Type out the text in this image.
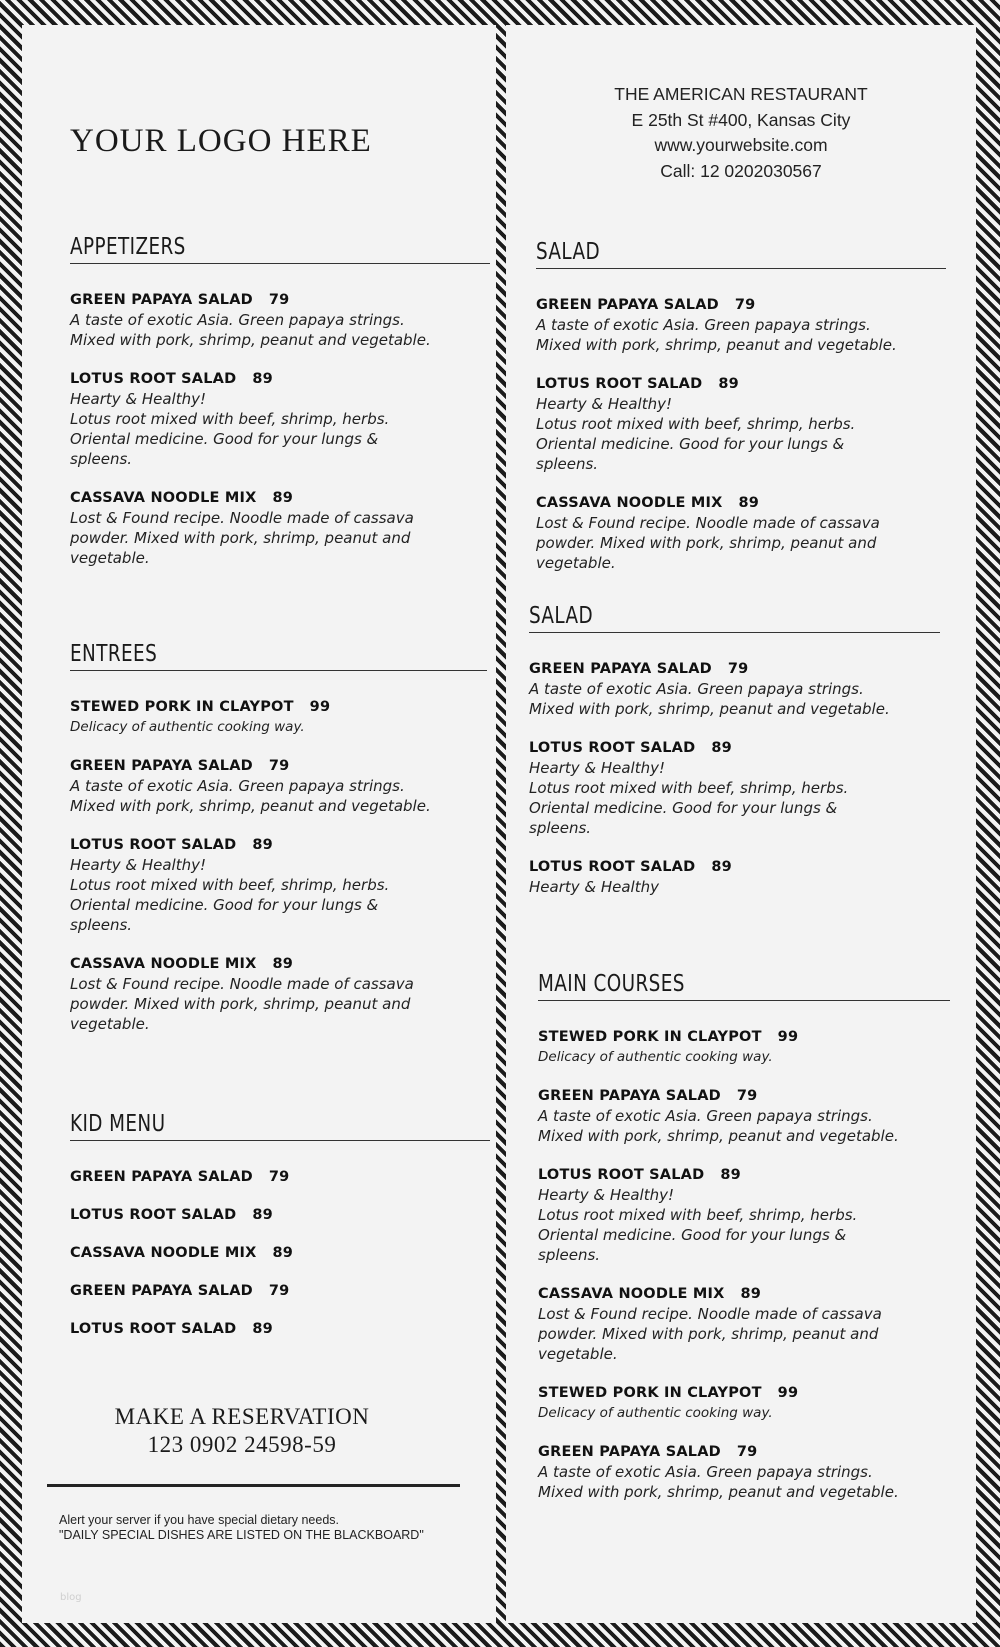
YOUR LOGO HERE
APPETIZERS
GREEN PAPAYA SALAD 79
A taste of exotic Asia. Green papaya strings.
Mixed with pork, shrimp, peanut and vegetable.
LOTUS ROOT SALAD 89
Hearty & Healthy!
Lotus root mixed with beef, shrimp, herbs.
Oriental medicine. Good for your lungs &
spleens.
CASSAVA NOODLE MIX 89
Lost & Found recipe. Noodle made of cassava
powder. Mixed with pork, shrimp, peanut and
vegetable.
ENTREES
STEWED PORK IN CLAYPOT 99
Delicacy of authentic cooking way.
GREEN PAPAYA SALAD 79
A taste of exotic Asia. Green papaya strings.
Mixed with pork, shrimp, peanut and vegetable.
LOTUS ROOT SALAD 89
Hearty & Healthy!
Lotus root mixed with beef, shrimp, herbs.
Oriental medicine. Good for your lungs &
spleens.
CASSAVA NOODLE MIX 89
Lost & Found recipe. Noodle made of cassava
powder. Mixed with pork, shrimp, peanut and
vegetable.
KID MENU
GREEN PAPAYA SALAD 79
LOTUS ROOT SALAD 89
CASSAVA NOODLE MIX 89
GREEN PAPAYA SALAD 79
LOTUS ROOT SALAD 89
MAKE A RESERVATION
123 0902 24598-59
Alert your server if you have special dietary needs.
"DAILY SPECIAL DISHES ARE LISTED ON THE BLACKBOARD"
blog
THE AMERICAN RESTAURANT
E 25th St #400, Kansas City
www.yourwebsite.com
Call: 12 0202030567
SALAD
GREEN PAPAYA SALAD 79
A taste of exotic Asia. Green papaya strings.
Mixed with pork, shrimp, peanut and vegetable.
LOTUS ROOT SALAD 89
Hearty & Healthy!
Lotus root mixed with beef, shrimp, herbs.
Oriental medicine. Good for your lungs &
spleens.
CASSAVA NOODLE MIX 89
Lost & Found recipe. Noodle made of cassava
powder. Mixed with pork, shrimp, peanut and
vegetable.
SALAD
GREEN PAPAYA SALAD 79
A taste of exotic Asia. Green papaya strings.
Mixed with pork, shrimp, peanut and vegetable.
LOTUS ROOT SALAD 89
Hearty & Healthy!
Lotus root mixed with beef, shrimp, herbs.
Oriental medicine. Good for your lungs &
spleens.
LOTUS ROOT SALAD 89
Hearty & Healthy
MAIN COURSES
STEWED PORK IN CLAYPOT 99
Delicacy of authentic cooking way.
GREEN PAPAYA SALAD 79
A taste of exotic Asia. Green papaya strings.
Mixed with pork, shrimp, peanut and vegetable.
LOTUS ROOT SALAD 89
Hearty & Healthy!
Lotus root mixed with beef, shrimp, herbs.
Oriental medicine. Good for your lungs &
spleens.
CASSAVA NOODLE MIX 89
Lost & Found recipe. Noodle made of cassava
powder. Mixed with pork, shrimp, peanut and
vegetable.
STEWED PORK IN CLAYPOT 99
Delicacy of authentic cooking way.
GREEN PAPAYA SALAD 79
A taste of exotic Asia. Green papaya strings.
Mixed with pork, shrimp, peanut and vegetable.
